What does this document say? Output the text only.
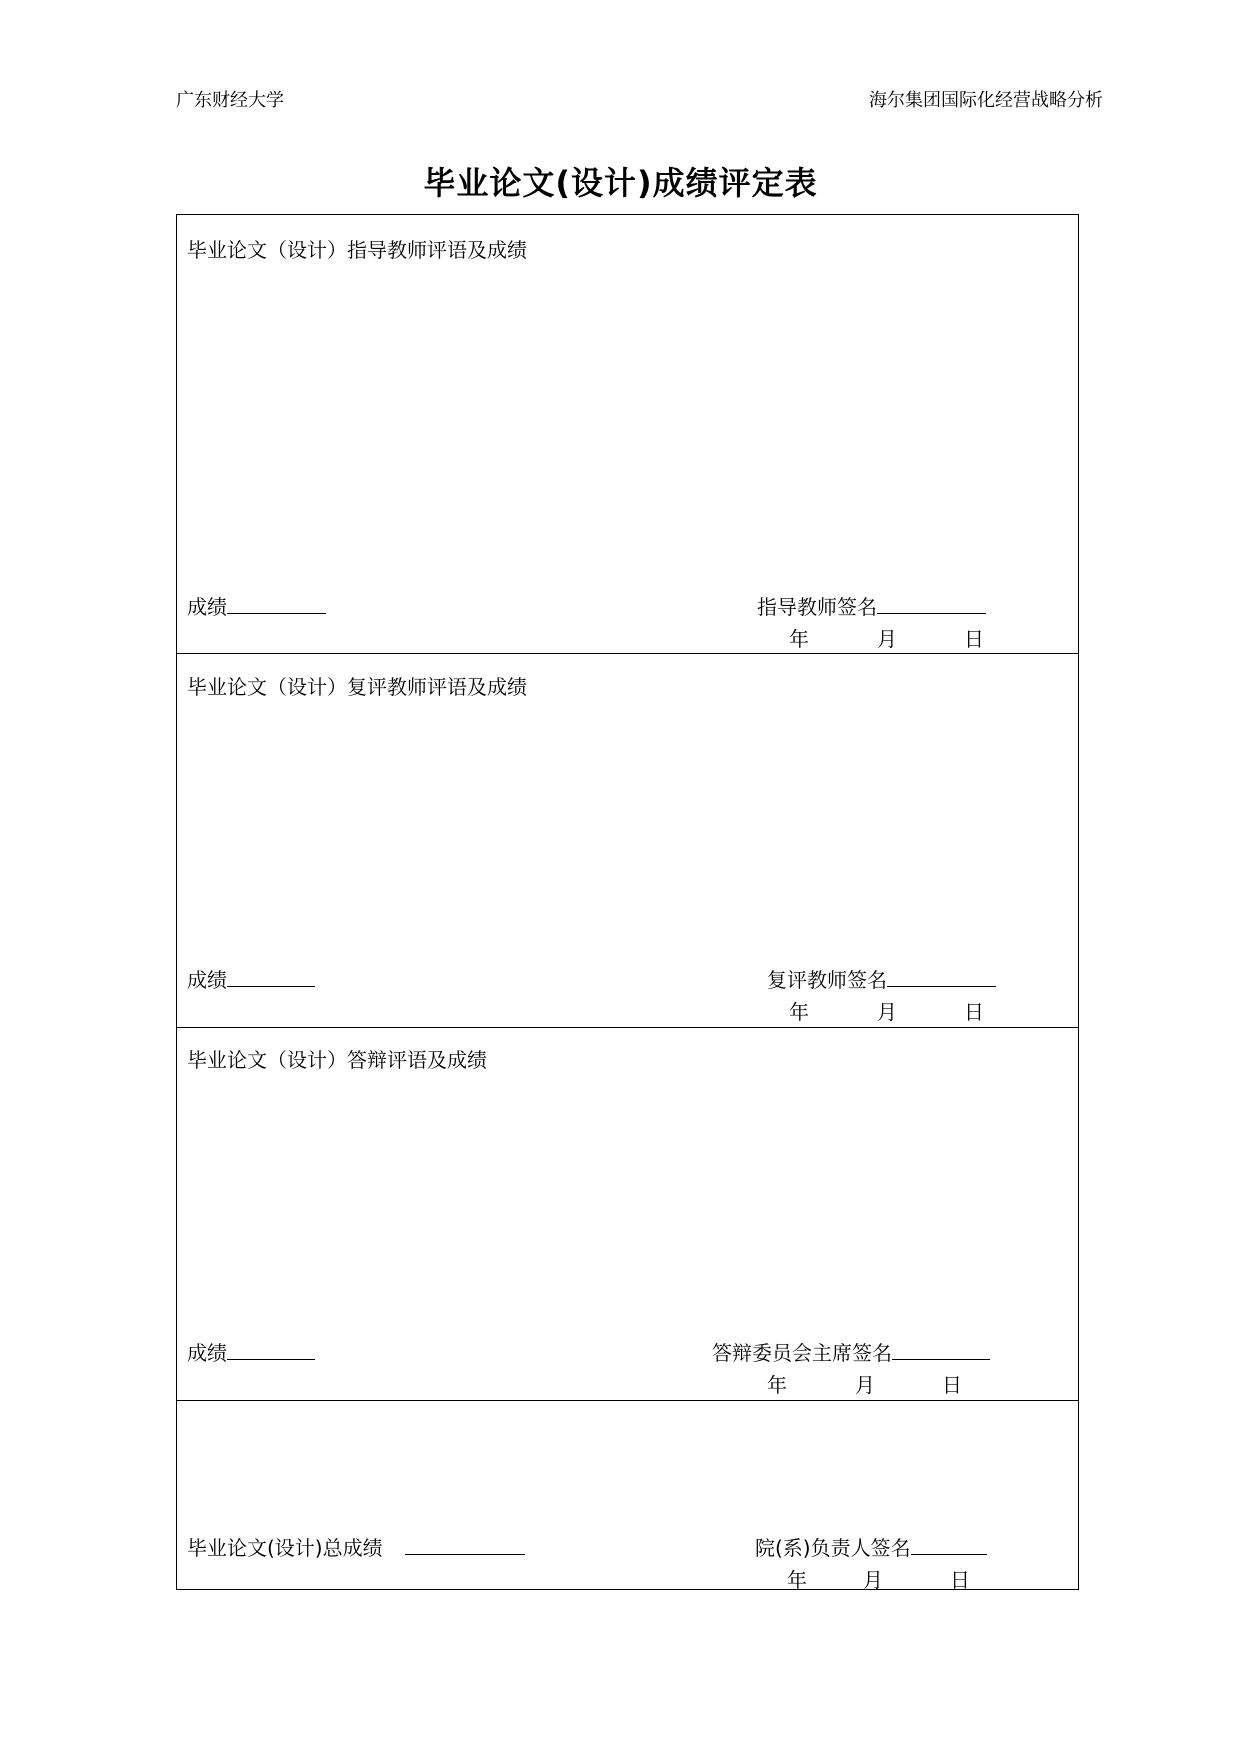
广东财经大学	海尔集团国际化经营战略分析
毕业论文(设计)成绩评定表
毕业论文（设计）指导教师评语及成绩
成绩	指导教师签名
年	月	日
毕业论文（设计）复评教师评语及成绩
成绩	复评教师签名
年	月	日
毕业论文（设计）答辩评语及成绩
成绩	答辩委员会主席签名
年	月	日
毕业论文(设计)总成绩	院(系)负责人签名
年	月	日
